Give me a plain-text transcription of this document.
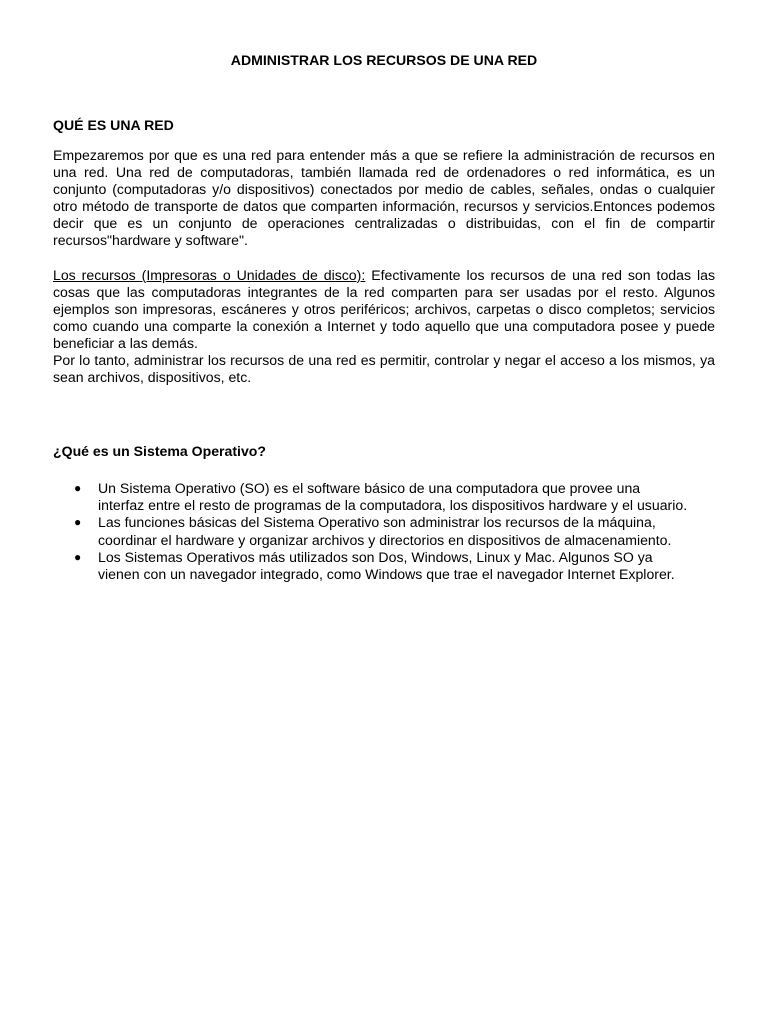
ADMINISTRAR LOS RECURSOS DE UNA RED
QUÉ ES UNA RED

Empezaremos por que es una red para entender más a que se refiere la administración de recursos en una red. Una red de computadoras, también llamada red de ordenadores o red informática, es un conjunto (computadoras y/o dispositivos) conectados por medio de cables, señales, ondas o cualquier otro método de transporte de datos que comparten información, recursos y servicios.Entonces podemos decir que es un conjunto de operaciones centralizadas o distribuidas, con el fin de compartir recursos"hardware y software".

Los recursos (Impresoras o Unidades de disco): Efectivamente los recursos de una red son todas las cosas que las computadoras integrantes de la red comparten para ser usadas por el resto. Algunos ejemplos son impresoras, escáneres y otros periféricos; archivos, carpetas o disco completos; servicios como cuando una comparte la conexión a Internet y todo aquello que una computadora posee y puede beneficiar a las demás.

Por lo tanto, administrar los recursos de una red es permitir, controlar y negar el acceso a los mismos, ya sean archivos, dispositivos, etc.

¿Qué es un Sistema Operativo?
● Un Sistema Operativo (SO) es el software básico de una computadora que provee una interfaz entre el resto de programas de la computadora, los dispositivos hardware y el usuario.
● Las funciones básicas del Sistema Operativo son administrar los recursos de la máquina, coordinar el hardware y organizar archivos y directorios en dispositivos de almacenamiento.
● Los Sistemas Operativos más utilizados son Dos, Windows, Linux y Mac. Algunos SO ya vienen con un navegador integrado, como Windows que trae el navegador Internet Explorer.
